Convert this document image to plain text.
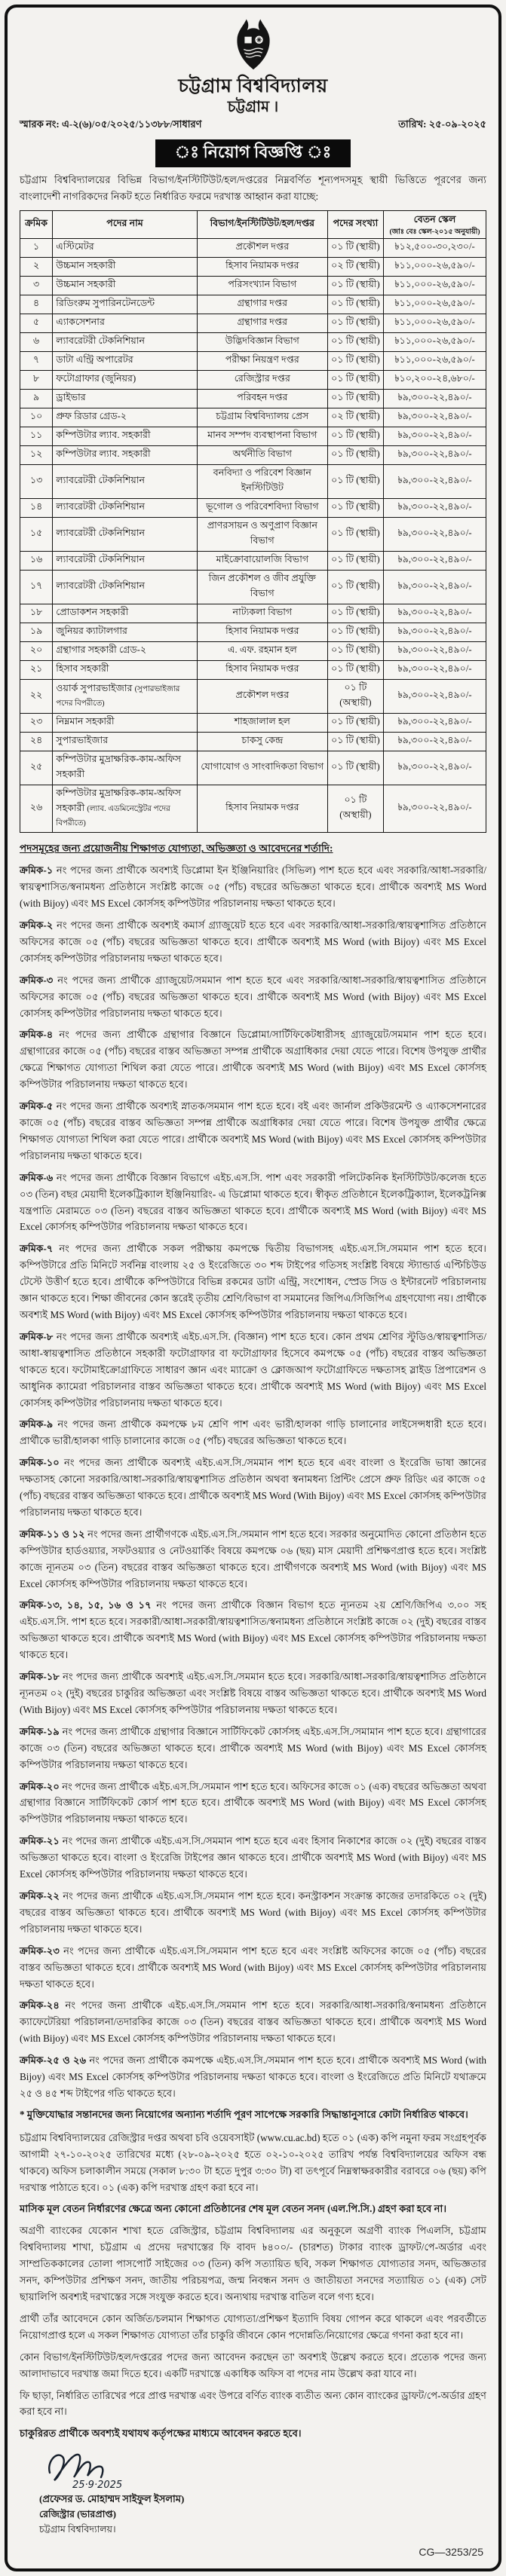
চট্টগ্রাম বিশ্ববিদ্যালয়
চট্টগ্রাম ।
স্মারক নং: এ-২(৬)/০৫/২০২৫/১১৩৮৮/সাধারণ	তারিখ: ২৫-০৯-২০২৫
ঃ নিয়োগ বিজ্ঞপ্তি ঃ

চট্টগ্রাম বিশ্ববিদ্যালয়ের বিভিন্ন বিভাগ/ইনস্টিটিউট/হল/দপ্তরের নিম্নবর্ণিত শূন্যপদসমূহ স্থায়ী ভিত্তিতে পূরণের জন্য বাংলাদেশী নাগরিকদের নিকট হতে নির্ধারিত ফরমে দরখাস্ত আহ্বান করা যাচ্ছে:

ক্রমিক	পদের নাম	বিভাগ/ইনস্টিটিউট/হল/দপ্তর	পদের সংখ্যা	বেতন স্কেল
(জাঃ বেঃ স্কেল-২০১৫ অনুযায়ী)

১	এস্টিমেটর	প্রকৌশল দপ্তর	০১ টি (স্থায়ী)	৳১২,৫০০-৩০,২৩০/-
২	উচ্চমান সহকারী	হিসাব নিয়ামক দপ্তর	০২ টি (স্থায়ী)	৳১১,০০০-২৬,৫৯০/-
৩	উচ্চমান সহকারী	পরিসংখ্যান বিভাগ	০১ টি (স্থায়ী)	৳১১,০০০-২৬,৫৯০/-
৪	রিডিংরুম সুপারিনটেনডেন্ট	গ্রন্থাগার দপ্তর	০১ টি (স্থায়ী)	৳১১,০০০-২৬,৫৯০/-
৫	এ্যাকসেশনার	গ্রন্থাগার দপ্তর	০১ টি (স্থায়ী)	৳১১,০০০-২৬,৫৯০/-
৬	ল্যাবরেটরী টেকনিশিয়ান	উদ্ভিদবিজ্ঞান বিভাগ	০১ টি (স্থায়ী)	৳১১,০০০-২৬,৫৯০/-
৭	ডাটা এন্ট্রি অপারেটর	পরীক্ষা নিয়ন্ত্রণ দপ্তর	০১ টি (স্থায়ী)	৳১১,০০০-২৬,৫৯০/-
৮	ফটোগ্রাফার (জুনিয়র)	রেজিস্ট্রার দপ্তর	০১ টি (স্থায়ী)	৳১০,২০০-২৪,৬৮০/-
৯	ড্রাইভার	পরিবহন দপ্তর	০১ টি (স্থায়ী)	৳৯,৩০০-২২,৪৯০/-
১০	প্রুফ রিডার গ্রেড-২	চট্টগ্রাম বিশ্ববিদ্যালয় প্রেস	০২ টি (স্থায়ী)	৳৯,৩০০-২২,৪৯০/-
১১	কম্পিউটার ল্যাব. সহকারী	মানব সম্পদ ব্যবস্থাপনা বিভাগ	০১ টি (স্থায়ী)	৳৯,৩০০-২২,৪৯০/-
১২	কম্পিউটার ল্যাব. সহকারী	অর্থনীতি বিভাগ	০১ টি (স্থায়ী)	৳৯,৩০০-২২,৪৯০/-
১৩	ল্যাবরেটরী টেকনিশিয়ান	বনবিদ্যা ও পরিবেশ বিজ্ঞান ইনস্টিটিউট	০১ টি (স্থায়ী)	৳৯,৩০০-২২,৪৯০/-
১৪	ল্যাবরেটরী টেকনিশিয়ান	ভূগোল ও পরিবেশবিদ্যা বিভাগ	০১ টি (স্থায়ী)	৳৯,৩০০-২২,৪৯০/-
১৫	ল্যাবরেটরী টেকনিশিয়ান	প্রাণরসায়ন ও অণুপ্রাণ বিজ্ঞান বিভাগ	০১ টি (স্থায়ী)	৳৯,৩০০-২২,৪৯০/-
১৬	ল্যাবরেটরী টেকনিশিয়ান	মাইক্রোবায়োলজি বিভাগ	০১ টি (স্থায়ী)	৳৯,৩০০-২২,৪৯০/-
১৭	ল্যাবরেটরী টেকনিশিয়ান	জিন প্রকৌশল ও জীব প্রযুক্তি বিভাগ	০১ টি (স্থায়ী)	৳৯,৩০০-২২,৪৯০/-
১৮	প্রোডাকশন সহকারী	নাট্যকলা বিভাগ	০১ টি (স্থায়ী)	৳৯,৩০০-২২,৪৯০/-
১৯	জুনিয়র ক্যাটালগার	হিসাব নিয়ামক দপ্তর	০১ টি (স্থায়ী)	৳৯,৩০০-২২,৪৯০/-
২০	গ্রন্থাগার সহকারী গ্রেড-২	এ. এফ. রহমান হল	০১ টি (স্থায়ী)	৳৯,৩০০-২২,৪৯০/-
২১	হিসাব সহকারী	হিসাব নিয়ামক দপ্তর	০১ টি (স্থায়ী)	৳৯,৩০০-২২,৪৯০/-
২২	ওয়ার্ক সুপারভাইজার (সুপারভাইজার পদের বিপরীতে)	প্রকৌশল দপ্তর	০১ টি (অস্থায়ী)	৳৯,৩০০-২২,৪৯০/-
২৩	নিম্নমান সহকারী	শাহজালাল হল	০১ টি (স্থায়ী)	৳৯,৩০০-২২,৪৯০/-
২৪	সুপারভাইজার	চাকসু কেন্দ্র	০১ টি (স্থায়ী)	৳৯,৩০০-২২,৪৯০/-
২৫	কম্পিউটার মুদ্রাক্ষরিক-কাম-অফিস সহকারী	যোগাযোগ ও সাংবাদিকতা বিভাগ	০১ টি (স্থায়ী)	৳৯,৩০০-২২,৪৯০/-
২৬	কম্পিউটার মুদ্রাক্ষরিক-কাম-অফিস সহকারী (ল্যাব. এডমিনেস্ট্রেটর পদের বিপরীতে)	হিসাব নিয়ামক দপ্তর	০১ টি (অস্থায়ী)	৳৯,৩০০-২২,৪৯০/-
পদসমূহের জন্য প্রয়োজনীয় শিক্ষাগত যোগ্যতা, অভিজ্ঞতা ও আবেদনের শর্তাদি:

ক্রমিক-১ নং পদের জন্য প্রার্থীকে অবশ্যই ডিপ্লোমা ইন ইঞ্জিনিয়ারিং (সিভিল) পাশ হতে হবে এবং সরকারি/আধা-সরকারি/স্বায়ত্বশাসিত/স্বনামধন্য প্রতিষ্ঠানে সংশ্লিষ্ট কাজে ০৫ (পাঁচ) বছরের অভিজ্ঞতা থাকতে হবে। প্রার্থীকে অবশ্যই MS Word (with Bijoy) এবং MS Excel কোর্সসহ কম্পিউটার পরিচালনায় দক্ষতা থাকতে হবে।

ক্রমিক-২ নং পদের জন্য প্রার্থীকে অবশ্যই কমার্স গ্র্যাজুয়েট হতে হবে এবং সরকারি/আধা-সরকারি/স্বায়ত্বশাসিত প্রতিষ্ঠানে অফিসের কাজে ০৫ (পাঁচ) বছরের অভিজ্ঞতা থাকতে হবে। প্রার্থীকে অবশ্যই MS Word (with Bijoy) এবং MS Excel কোর্সসহ কম্পিউটার পরিচালনায় দক্ষতা থাকতে হবে।

ক্রমিক-৩ নং পদের জন্য প্রার্থীকে গ্র্যাজুয়েট/সমমান পাশ হতে হবে এবং সরকারি/আধা-সরকারি/স্বায়ত্বশাসিত প্রতিষ্ঠানে অফিসের কাজে ০৫ (পাঁচ) বছরের অভিজ্ঞতা থাকতে হবে। প্রার্থীকে অবশ্যই MS Word (with Bijoy) এবং MS Excel কোর্সসহ কম্পিউটার পরিচালনায় দক্ষতা থাকতে হবে।

ক্রমিক-৪ নং পদের জন্য প্রার্থীকে গ্রন্থাগার বিজ্ঞানে ডিপ্লোমা/সার্টিফিকেটধারীসহ গ্র্যাজুয়েট/সমমান পাশ হতে হবে। গ্রন্থাগারের কাজে ০৫ (পাঁচ) বছরের বাস্তব অভিজ্ঞতা সম্পন্ন প্রার্থীকে অগ্রাধিকার দেয়া যেতে পারে। বিশেষ উপযুক্ত প্রার্থীর ক্ষেত্রে শিক্ষাগত যোগ্যতা শিথিল করা যেতে পারে। প্রার্থীকে অবশ্যই MS Word (with Bijoy) এবং MS Excel কোর্সসহ কম্পিউটার পরিচালনায় দক্ষতা থাকতে হবে।

ক্রমিক-৫ নং পদের জন্য প্রার্থীকে অবশ্যই স্নাতক/সমমান পাশ হতে হবে। বই এবং জার্নাল প্রকিউরমেন্ট ও এ্যাকসেশনারের কাজে ০৫ (পাঁচ) বছরের বাস্তব অভিজ্ঞতা সম্পন্ন প্রার্থীকে অগ্রাধিকার দেয়া যেতে পারে। বিশেষ উপযুক্ত প্রার্থীর ক্ষেত্রে শিক্ষাগত যোগ্যতা শিথিল করা যেতে পারে। প্রার্থীকে অবশ্যই MS Word (with Bijoy) এবং MS Excel কোর্সসহ কম্পিউটার পরিচালনায় দক্ষতা থাকতে হবে।

ক্রমিক-৬ নং পদের জন্য প্রার্থীকে বিজ্ঞান বিভাগে এইচ.এস.সি. পাশ এবং সরকারী পলিটেকনিক ইনস্টিটিউট/কলেজ হতে ০৩ (তিন) বছর মেয়াদী ইলেকট্রিক্যাল ইঞ্জিনিয়ারিং- এ ডিপ্লোমা থাকতে হবে। স্বীকৃত প্রতিষ্ঠানে ইলেকট্রিক্যাল, ইলেকট্রনিক্স যন্ত্রপাতি মেরামতে ০৩ (তিন) বছরের বাস্তব অভিজ্ঞতা থাকতে হবে। প্রার্থীকে অবশ্যই MS Word (with Bijoy) এবং MS Excel কোর্সসহ কম্পিউটার পরিচালনায় দক্ষতা থাকতে হবে।

ক্রমিক-৭ নং পদের জন্য প্রার্থীকে সকল পরীক্ষায় কমপক্ষে দ্বিতীয় বিভাগসহ এইচ.এস.সি./সমমান পাশ হতে হবে। কম্পিউটারে প্রতি মিনিটে সর্বনিম্ন বাংলায় ২৫ ও ইংরেজিতে ৩০ শব্দ টাইপের গতিসহ সংশ্লিষ্ট বিষয়ে স্ট্যান্ডার্ড এপ্টিচিউড টেস্টে উত্তীর্ণ হতে হবে। প্রার্থীকে কম্পিউটারে বিভিন্ন রকমের ডাটা এন্ট্রি, সংশোধন, স্প্রেড সিড ও ইন্টারনেট পরিচালনায় জ্ঞান থাকতে হবে। শিক্ষা জীবনের কোন স্তরেই তৃতীয় শ্রেণি/বিভাগ বা সমমানের জিপিএ/সিজিপিএ গ্রহণযোগ্য নয়। প্রার্থীকে অবশ্যই MS Word (with Bijoy) এবং MS Excel কোর্সসহ কম্পিউটার পরিচালনায় দক্ষতা থাকতে হবে।

ক্রমিক-৮ নং পদের জন্য প্রার্থীকে অবশ্যই এইচ.এস.সি. (বিজ্ঞান) পাশ হতে হবে। কোন প্রথম শ্রেণির স্টুডিও/স্বায়ত্বশাসিত/আধা-স্বায়ত্বশাসিত প্রতিষ্ঠানে সহকারী ফটোগ্রাফার বা ফটোগ্রাফার হিসেবে কমপক্ষে ০৫ (পাঁচ) বছরের বাস্তব অভিজ্ঞতা থাকতে হবে। ফটোমাইক্রোগ্রাফিতে সাধারণ জ্ঞান এবং ম্যাক্রো ও ক্লোজআপ ফটোগ্রাফিতে দক্ষতাসহ স্লাইড প্রিপারেশন ও আধুনিক ক্যামেরা পরিচালনার বাস্তব অভিজ্ঞতা থাকতে হবে। প্রার্থীকে অবশ্যই MS Word (with Bijoy) এবং MS Excel কোর্সসহ কম্পিউটার পরিচালনায় দক্ষতা থাকতে হবে।

ক্রমিক-৯ নং পদের জন্য প্রার্থীকে কমপক্ষে ৮ম শ্রেণি পাশ এবং ভারী/হালকা গাড়ি চালানোর লাইসেন্সধারী হতে হবে। প্রার্থীকে ভারী/হালকা গাড়ি চালানোর কাজে ০৫ (পাঁচ) বছরের অভিজ্ঞতা থাকতে হবে।

ক্রমিক-১০ নং পদের জন্য প্রার্থীকে অবশ্যই এইচ.এস.সি./সমমান পাশ হতে হবে এবং বাংলা ও ইংরেজি ভাষা জ্ঞানের দক্ষতাসহ কোনো সরকারি/আধা-সরকারি/স্বায়ত্বশাসিত প্রতিষ্ঠান অথবা স্বনামধন্য প্রিন্টিং প্রেসে প্রুফ রিডিং এর কাজে ০৫ (পাঁচ) বছরের বাস্তব অভিজ্ঞতা থাকতে হবে। প্রার্থীকে অবশ্যই MS Word (With Bijoy) এবং MS Excel কোর্সসহ কম্পিউটার পরিচালনায় দক্ষতা থাকতে হবে।

ক্রমিক-১১ ও ১২ নং পদের জন্য প্রার্থীগণকে এইচ.এস.সি./সমমান পাশ হতে হবে। সরকার অনুমোদিত কোনো প্রতিষ্ঠান হতে কম্পিউটার হার্ডওয়্যার, সফটওয়্যার ও নেটওয়ার্কিং বিষয়ে কমপক্ষে ০৬ (ছয়) মাস মেয়াদী প্রশিক্ষণপ্রাপ্ত হতে হবে। সংশ্লিষ্ট কাজে ন্যূনতম ০৩ (তিন) বছরের বাস্তব অভিজ্ঞতা থাকতে হবে। প্রার্থীগণকে অবশ্যই MS Word (with Bijoy) এবং MS Excel কোর্সসহ কম্পিউটার পরিচালনায় দক্ষতা থাকতে হবে।

ক্রমিক-১৩, ১৪, ১৫, ১৬ ও ১৭ নং পদের জন্য প্রার্থীকে বিজ্ঞান বিভাগ হতে ন্যূনতম ২য় শ্রেণি/জিপিএ ৩.০০ সহ এইচ.এস.সি. পাশ হতে হবে। সরকারী/আধা-সরকারী/স্বায়ত্বশাসিত/স্বনামধন্য প্রতিষ্ঠানে সংশ্লিষ্ট কাজে ০২ (দুই) বছরের বাস্তব অভিজ্ঞতা থাকতে হবে। প্রার্থীকে অবশ্যই MS Word (with Bijoy) এবং MS Excel কোর্সসহ কম্পিউটার পরিচালনায় দক্ষতা থাকতে হবে।

ক্রমিক-১৮ নং পদের জন্য প্রার্থীকে অবশ্যই এইচ.এস.সি./সমমান হতে হবে। সরকারি/আধা-সরকারি/স্বায়ত্বশাসিত প্রতিষ্ঠানে ন্যূনতম ০২ (দুই) বছরের চাকুরির অভিজ্ঞতা এবং সংশ্লিষ্ট বিষয়ে বাস্তব অভিজ্ঞতা থাকতে হবে। প্রার্থীকে অবশ্যই MS Word (With Bijoy) এবং MS Excel কোর্সসহ কম্পিউটার পরিচালনায় দক্ষতা থাকতে হবে।

ক্রমিক-১৯ নং পদের জন্য প্রার্থীকে গ্রন্থাগার বিজ্ঞানে সার্টিফিকেট কোর্সসহ এইচ.এস.সি./সমামান পাশ হতে হবে। গ্রন্থাগারের কাজে ০৩ (তিন) বছরের অভিজ্ঞতা থাকতে হবে। প্রার্থীকে অবশ্যই MS Word (with Bijoy) এবং MS Excel কোর্সসহ কম্পিউটার পরিচালনায় দক্ষতা থাকতে হবে।

ক্রমিক-২০ নং পদের জন্য প্রার্থীকে এইচ.এস.সি./সমমান পাশ হতে হবে। অফিসের কাজে ০১ (এক) বছরের অভিজ্ঞতা অথবা গ্রন্থাগার বিজ্ঞানে সার্টিফিকেট কোর্স পাশ হতে হবে। প্রার্থীকে অবশ্যই MS Word (with Bijoy) এবং MS Excel কোর্সসহ কম্পিউটার পরিচালনায় দক্ষতা থাকতে হবে।

ক্রমিক-২১ নং পদের জন্য প্রার্থীকে এইচ.এস.সি./সমমান পাশ হতে হবে এবং হিসাব নিকাশের কাজে ০২ (দুই) বছরের বাস্তব অভিজ্ঞতা থাকতে হবে। বাংলা ও ইংরেজি টাইপের জ্ঞান থাকতে হবে। প্রার্থীকে অবশ্যই MS Word (with Bijoy) এবং MS Excel কোর্সসহ কম্পিউটার পরিচালনায় দক্ষতা থাকতে হবে।

ক্রমিক-২২ নং পদের জন্য প্রার্থীকে এইচ.এস.সি./সমমান পাশ হতে হবে। কনস্ট্রাকশন সংক্রান্ত কাজের তদারকিতে ০২ (দুই) বছরের বাস্তব অভিজ্ঞতা থাকতে হবে। প্রার্থীকে অবশ্যই MS Word (with Bijoy) এবং MS Excel কোর্সসহ কম্পিউটার পরিচালনায় দক্ষতা থাকতে হবে।

ক্রমিক-২৩ নং পদের জন্য প্রার্থীকে এইচ.এস.সি./সমমান পাশ হতে হবে এবং সংশ্লিষ্ট অফিসের কাজে ০৫ (পাঁচ) বছরের বাস্তব অভিজ্ঞতা থাকতে হবে। প্রার্থীকে অবশ্যই MS Word (with Bijoy) এবং MS Excel কোর্সসহ কম্পিউটার পরিচালনায় দক্ষতা থাকতে হবে।

ক্রমিক-২৪ নং পদের জন্য প্রার্থীকে এইচ.এস.সি./সমমান পাশ হতে হবে। সরকারি/আধা-সরকারি/স্বনামধন্য প্রতিষ্ঠানে ক্যাফেটেরিয়া পরিচালনা/তদারকির কাজে ০৩ (তিন) বছরের বাস্তব অভিজ্ঞতা থাকতে হবে। প্রার্থীকে অবশ্যই MS Word (with Bijoy) এবং MS Excel কোর্সসহ কম্পিউটার পরিচালনায় দক্ষতা থাকতে হবে।

ক্রমিক-২৫ ও ২৬ নং পদের জন্য প্রার্থীকে কমপক্ষে এইচ.এস.সি./সমমান পাশ হতে হবে। প্রার্থীকে অবশ্যই MS Word (with Bijoy) এবং MS Excel কোর্সসহ কম্পিউটার পরিচালনায় দক্ষতা থাকতে হবে। বাংলা ও ইংরেজিতে প্রতি মিনিটে যথাক্রমে ২৫ ও ৪৫ শব্দ টাইপের গতি থাকতে হবে।

* মুক্তিযোদ্ধার সন্তানদের জন্য নিয়োগের অন্যান্য শর্তাদি পূরণ সাপেক্ষে সরকারি সিদ্ধান্তানুসারে কোটা নির্ধারিত থাকবে।

চট্টগ্রাম বিশ্ববিদ্যালয়ের রেজিস্ট্রার দপ্তর অথবা চবি ওয়েবসাইট (www.cu.ac.bd) হতে ০১ (এক) কপি নমুনা ফরম সংগ্রহপূর্বক আগামী ২৭-১০-২০২৫ তারিখের মধ্যে (২৮-০৯-২০২৫ হতে ০২-১০-২০২৫ তারিখ পর্যন্ত বিশ্ববিদ্যালয়ের অফিস বন্ধ থাকবে) অফিস চলাকালীন সময়ে (সকাল ৮:৩০ টা হতে দুপুর ৩:৩০ টা) বা তৎপূর্বে নিম্নস্বাক্ষরকারীর বরাবরে ০৬ (ছয়) কপি দরখাস্ত পাঠাতে হবে। ০১ (এক) কপি দরখাস্ত গ্রহণ করা হবে না।

মাসিক মূল বেতন নির্ধারণের ক্ষেত্রে অন্য কোনো প্রতিষ্ঠানের শেষ মূল বেতন সনদ (এল.পি.সি.) গ্রহণ করা হবে না।

অগ্রণী ব্যাংকের যেকোন শাখা হতে রেজিস্ট্রার, চট্টগ্রাম বিশ্ববিদ্যালয় এর অনুকূলে অগ্রণী ব্যাংক পিএলসি, চট্টগ্রাম বিশ্ববিদ্যালয় শাখা, চট্টগ্রাম এ প্রদেয় দরখাস্তের ফি বাবদ ৳৪০০/- (চারশত) টাকার ব্যাংক ড্রাফট/পে-অর্ডার এবং সাম্প্রতিককালের তোলা পাসপোর্ট সাইজের ০৩ (তিন) কপি সত্যায়িত ছবি, সকল শিক্ষাগত যোগ্যতার সনদ, অভিজ্ঞতার সনদ, কম্পিউটার প্রশিক্ষণ সনদ, জাতীয় পরিচয়পত্র, জন্ম নিবন্ধন সনদ ও জাতীয়তা সনদের সত্যায়িত ০১ (এক) সেট ছায়ালিপি অবশ্যই দরখাস্তের সঙ্গে সংযুক্ত করতে হবে। অন্যথায় দরখাস্ত বাতিল বলে গণ্য হবে।

প্রার্থী তাঁর আবেদনে কোন অর্জিত/চলমান শিক্ষাগত যোগ্যতা/প্রশিক্ষণ ইত্যাদি বিষয় গোপন করে থাকলে এবং পরবর্তীতে নিয়োগপ্রাপ্ত হলে এ সকল শিক্ষাগত যোগ্যতা তাঁর চাকুরি জীবনে কোন পদোন্নতি/নিয়োগের ক্ষেত্রে গণনা করা হবে না।

কোন বিভাগ/ইনস্টিটিউট/হল/দপ্তরের পদের জন্য আবেদন করছেন তা' অবশ্যই উল্লেখ করতে হবে। প্রত্যেক পদের জন্য আলাদাভাবে দরখাস্ত জমা দিতে হবে। একটি দরখাস্তে একাধিক অফিস বা পদের নাম উল্লেখ করা যাবে না।

ফি ছাড়া, নির্ধারিত তারিখের পরে প্রাপ্ত দরখাস্ত এবং উপরে বর্ণিত ব্যাংক ব্যতীত অন্য কোন ব্যাংকের ড্রাফট/পে-অর্ডার গ্রহণ করা হবে না।

চাকুরিরত প্রার্থীকে অবশ্যই যথাযথ কর্তৃপক্ষের মাধ্যমে আবেদন করতে হবে।

25·9·2025
(প্রফেসর ড. মোহাম্মদ সাইফুল ইসলাম)
রেজিস্ট্রার (ভারপ্রাপ্ত)
চট্টগ্রাম বিশ্ববিদ্যালয়।
CG—3253/25
